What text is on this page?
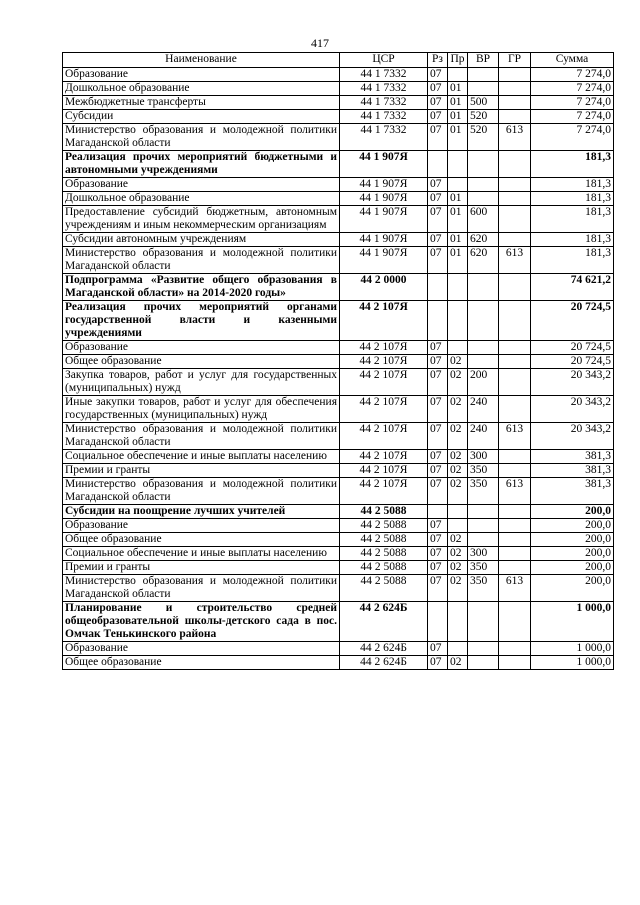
417
Наименование	ЦСР	Рз	Пр	ВР	ГР	Сумма
Образование	44 1 7332	07				7 274,0
Дошкольное образование	44 1 7332	07	01			7 274,0
Межбюджетные трансферты	44 1 7332	07	01	500		7 274,0
Субсидии	44 1 7332	07	01	520		7 274,0
Министерство образования и молодежной политики Магаданской области	44 1 7332	07	01	520	613	7 274,0
Реализация прочих мероприятий бюджетными и автономными учреждениями	44 1 907Я					181,3
Образование	44 1 907Я	07				181,3
Дошкольное образование	44 1 907Я	07	01			181,3
Предоставление субсидий бюджетным, автономным учреждениям и иным некоммерческим организациям	44 1 907Я	07	01	600		181,3
Субсидии автономным учреждениям	44 1 907Я	07	01	620		181,3
Министерство образования и молодежной политики Магаданской области	44 1 907Я	07	01	620	613	181,3
Подпрограмма «Развитие общего образования в Магаданской области» на 2014-2020 годы»	44 2 0000					74 621,2
Реализация прочих мероприятий органами государственной власти и казенными учреждениями	44 2 107Я					20 724,5
Образование	44 2 107Я	07				20 724,5
Общее образование	44 2 107Я	07	02			20 724,5
Закупка товаров, работ и услуг для государственных (муниципальных) нужд	44 2 107Я	07	02	200		20 343,2
Иные закупки товаров, работ и услуг для обеспечения государственных (муниципальных) нужд	44 2 107Я	07	02	240		20 343,2
Министерство образования и молодежной политики Магаданской области	44 2 107Я	07	02	240	613	20 343,2
Социальное обеспечение и иные выплаты населению	44 2 107Я	07	02	300		381,3
Премии и гранты	44 2 107Я	07	02	350		381,3
Министерство образования и молодежной политики Магаданской области	44 2 107Я	07	02	350	613	381,3
Субсидии на поощрение лучших учителей	44 2 5088					200,0
Образование	44 2 5088	07				200,0
Общее образование	44 2 5088	07	02			200,0
Социальное обеспечение и иные выплаты населению	44 2 5088	07	02	300		200,0
Премии и гранты	44 2 5088	07	02	350		200,0
Министерство образования и молодежной политики Магаданской области	44 2 5088	07	02	350	613	200,0
Планирование и строительство средней общеобразовательной школы-детского сада в пос. Омчак Тенькинского района	44 2 624Б					1 000,0
Образование	44 2 624Б	07				1 000,0
Общее образование	44 2 624Б	07	02			1 000,0
